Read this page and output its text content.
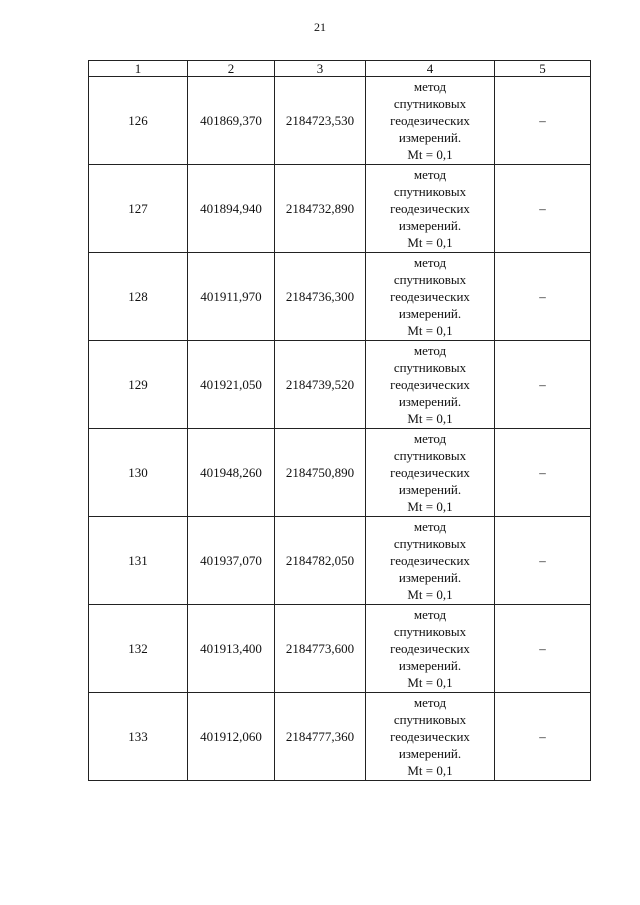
21
1	2	3	4	5
126	401869,370	2184723,530	метод
спутниковых
геодезических
измерений.
Mt = 0,1	–
127	401894,940	2184732,890	метод
спутниковых
геодезических
измерений.
Mt = 0,1	–
128	401911,970	2184736,300	метод
спутниковых
геодезических
измерений.
Mt = 0,1	–
129	401921,050	2184739,520	метод
спутниковых
геодезических
измерений.
Mt = 0,1	–
130	401948,260	2184750,890	метод
спутниковых
геодезических
измерений.
Mt = 0,1	–
131	401937,070	2184782,050	метод
спутниковых
геодезических
измерений.
Mt = 0,1	–
132	401913,400	2184773,600	метод
спутниковых
геодезических
измерений.
Mt = 0,1	–
133	401912,060	2184777,360	метод
спутниковых
геодезических
измерений.
Mt = 0,1	–
